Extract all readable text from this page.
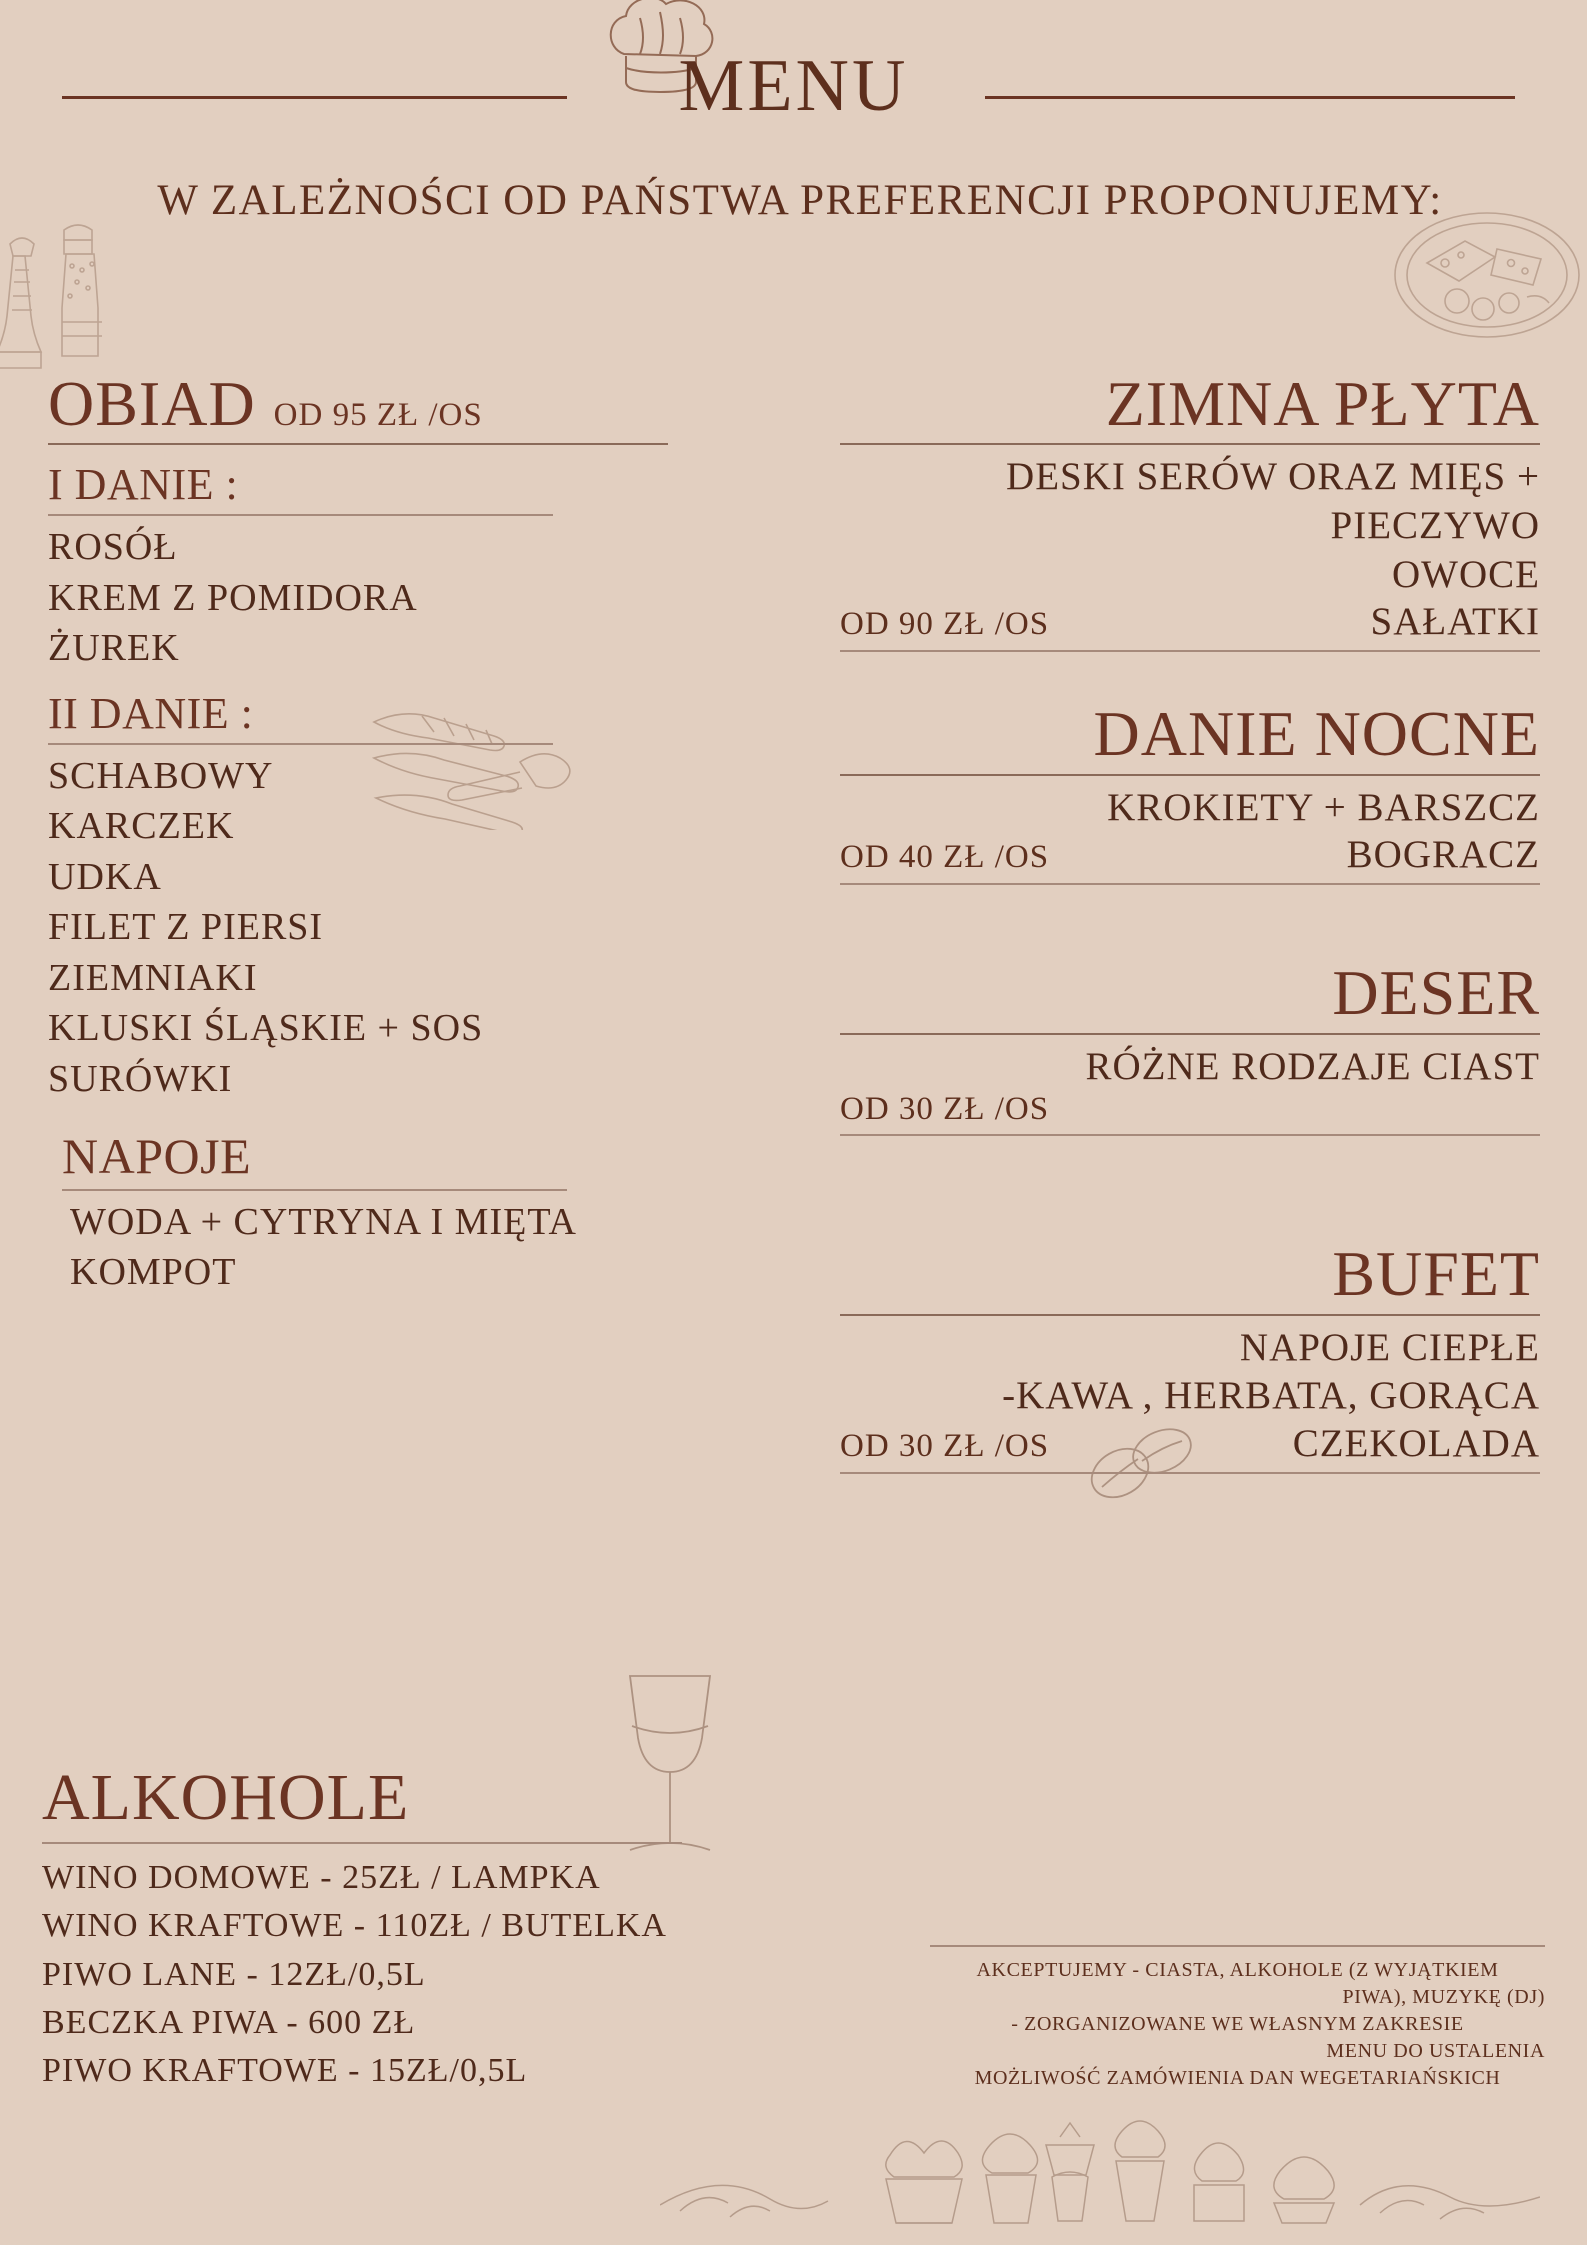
MENU
W ZALEŻNOŚCI OD PAŃSTWA PREFERENCJI PROPONUJEMY:
OBIAD OD 95 ZŁ /OS
I DANIE :
ROSÓŁ
KREM Z POMIDORA
ŻUREK
II DANIE :
SCHABOWY
KARCZEK
UDKA
FILET Z PIERSI
ZIEMNIAKI
KLUSKI ŚLĄSKIE + SOS
SURÓWKI
NAPOJE
WODA + CYTRYNA I MIĘTA
KOMPOT
ZIMNA PŁYTA
DESKI SERÓW ORAZ MIĘS +
PIECZYWO
OWOCE
OD 90 ZŁ /OS	SAŁATKI
DANIE NOCNE
KROKIETY + BARSZCZ
OD 40 ZŁ /OS	BOGRACZ
DESER
RÓŻNE RODZAJE CIAST
OD 30 ZŁ /OS
BUFET
NAPOJE CIEPŁE
-KAWA , HERBATA, GORĄCA
OD 30 ZŁ /OS	CZEKOLADA
ALKOHOLE
WINO DOMOWE - 25ZŁ / LAMPKA
WINO KRAFTOWE - 110ZŁ / BUTELKA
PIWO LANE - 12ZŁ/0,5L
BECZKA PIWA - 600 ZŁ
PIWO KRAFTOWE - 15ZŁ/0,5L
AKCEPTUJEMY - CIASTA, ALKOHOLE (Z WYJĄTKIEM
PIWA), MUZYKĘ (DJ)
- ZORGANIZOWANE WE WŁASNYM ZAKRESIE
MENU DO USTALENIA
MOŻLIWOŚĆ ZAMÓWIENIA DAN WEGETARIAŃSKICH
